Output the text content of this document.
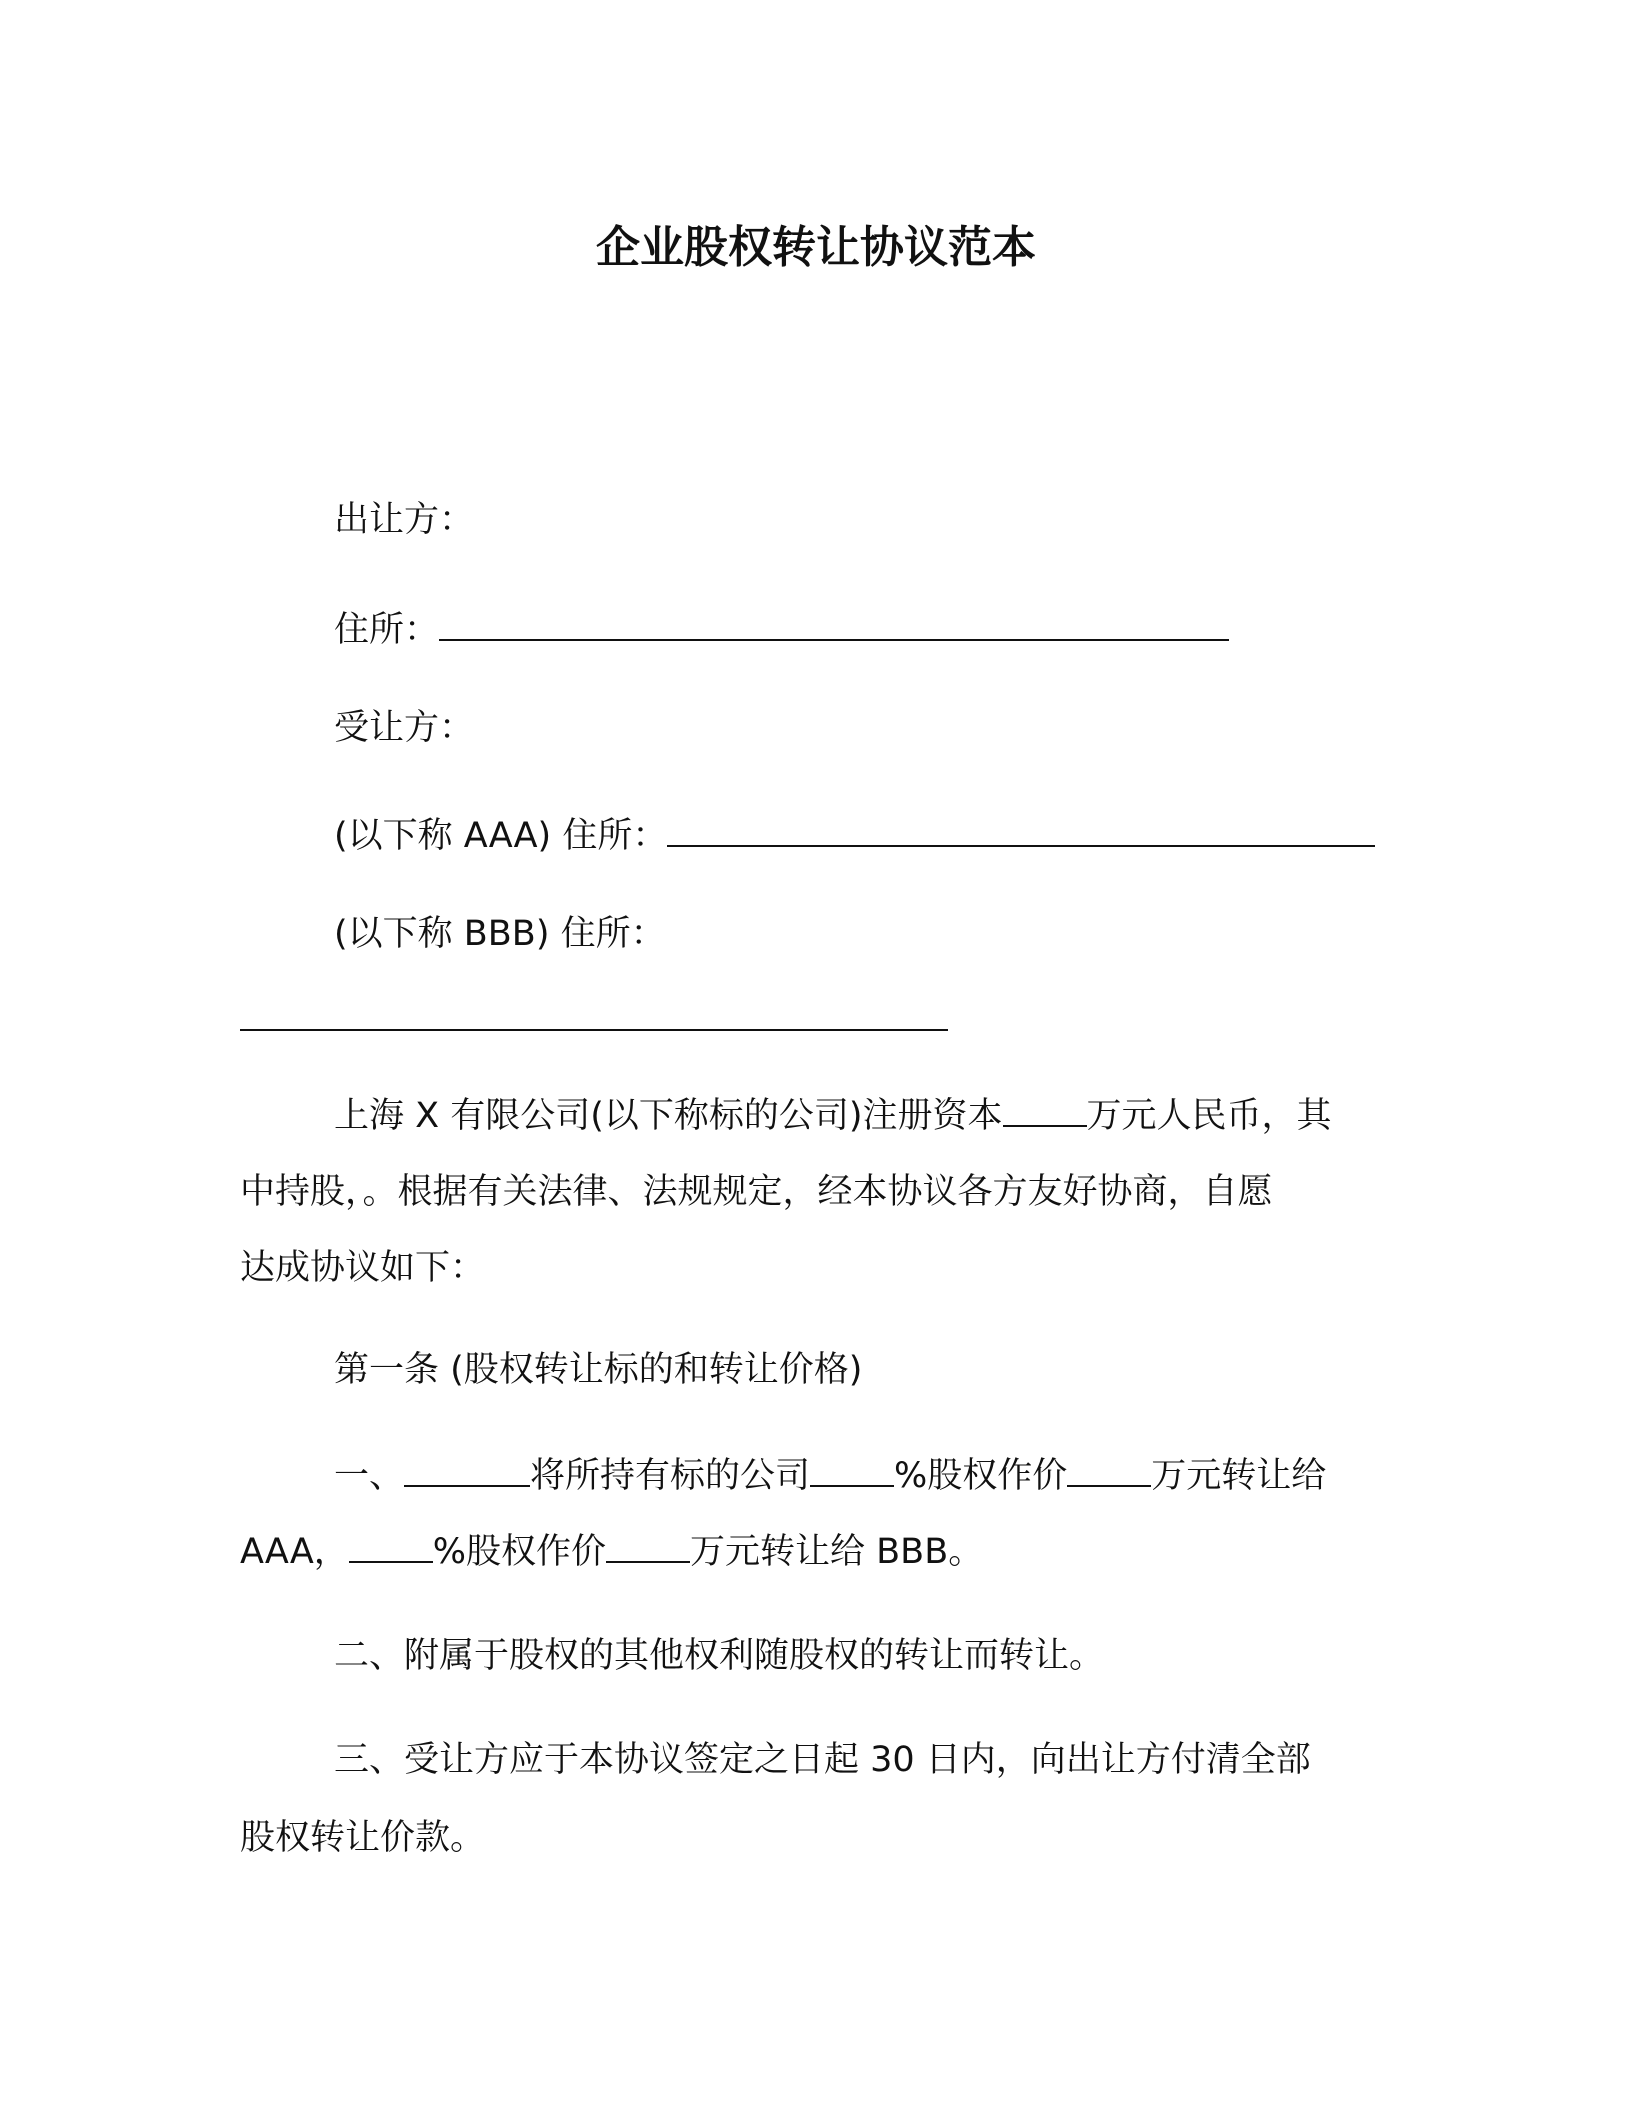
企业股权转让协议范本
出让方：
住所：
受让方：
(以下称 AAA) 住所：
(以下称 BBB) 住所：
上海 X 有限公司(以下称标的公司)注册资本 万元人民币，其
中持股，。根据有关法律、法规规定，经本协议各方友好协商，自愿
达成协议如下：
第一条 (股权转让标的和转让价格)
一、	将所持有标的公司 %股权作价 万元转让给
AAA， %股权作价 万元转让给 BBB。
二、附属于股权的其他权利随股权的转让而转让。
三、受让方应于本协议签定之日起 30 日内，向出让方付清全部
股权转让价款。
